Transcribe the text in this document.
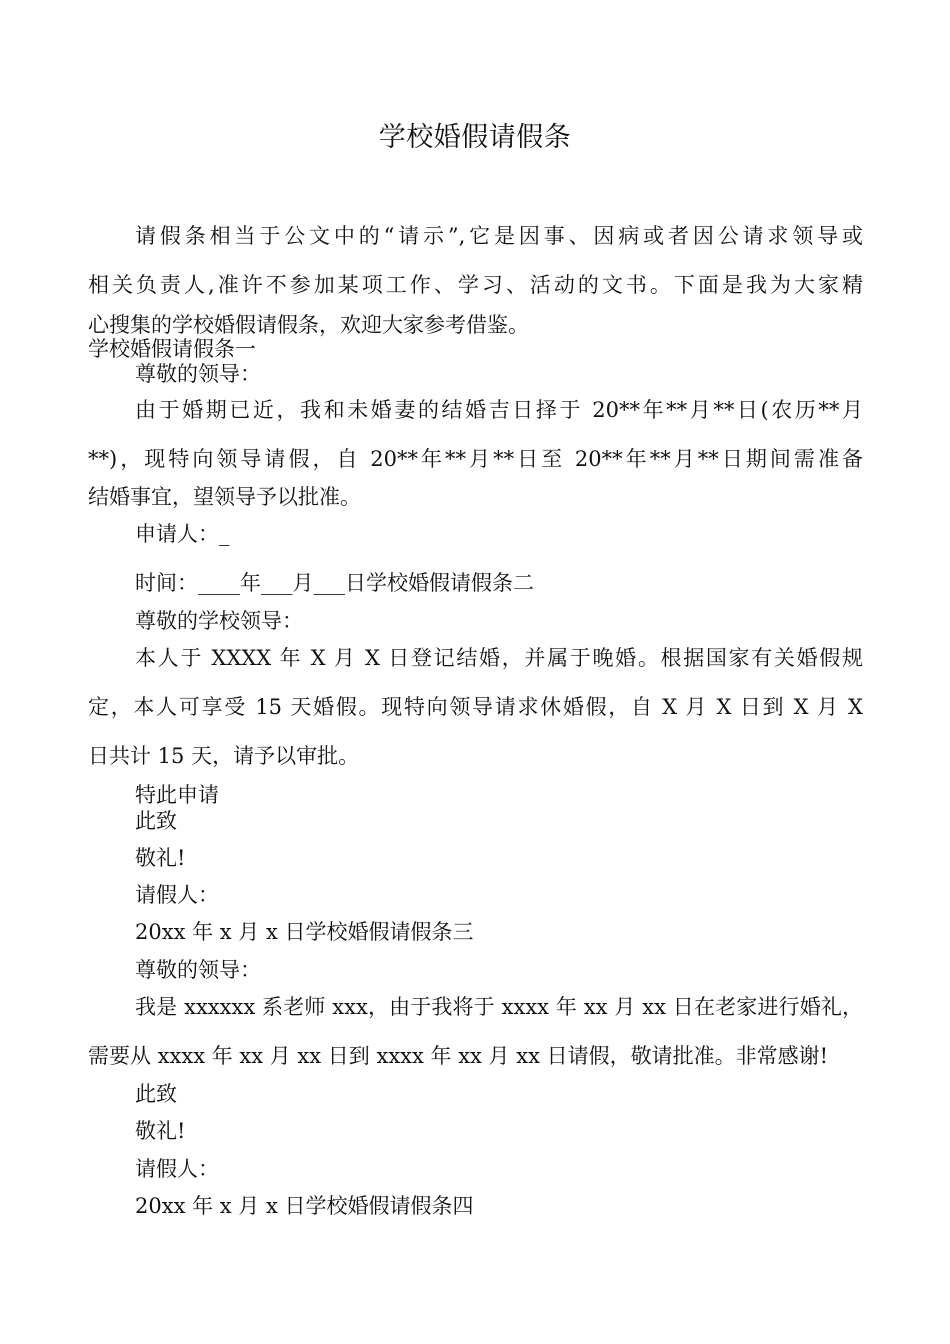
学校婚假请假条
请假条相当于公文中的“请示”,它是因事、因病或者因公请求领导或
相关负责人,准许不参加某项工作、学习、活动的文书。下面是我为大家精
心搜集的学校婚假请假条，欢迎大家参考借鉴。
学校婚假请假条一
尊敬的领导：
由于婚期已近，我和未婚妻的结婚吉日择于 20**年**月**日(农历**月
**)，现特向领导请假，自 20**年**月**日至 20**年**月**日期间需准备
结婚事宜，望领导予以批准。
申请人：_
时间：____年___月___日学校婚假请假条二
尊敬的学校领导：
本人于 XXXX 年 X 月 X 日登记结婚，并属于晚婚。根据国家有关婚假规
定，本人可享受 15 天婚假。现特向领导请求休婚假，自 X 月 X 日到 X 月 X
日共计 15 天，请予以审批。
特此申请
此致
敬礼!
请假人：
20xx 年 x 月 x 日学校婚假请假条三
尊敬的领导：
我是 xxxxxx 系老师 xxx，由于我将于 xxxx 年 xx 月 xx 日在老家进行婚礼，
需要从 xxxx 年 xx 月 xx 日到 xxxx 年 xx 月 xx 日请假，敬请批准。非常感谢!
此致
敬礼!
请假人：
20xx 年 x 月 x 日学校婚假请假条四
